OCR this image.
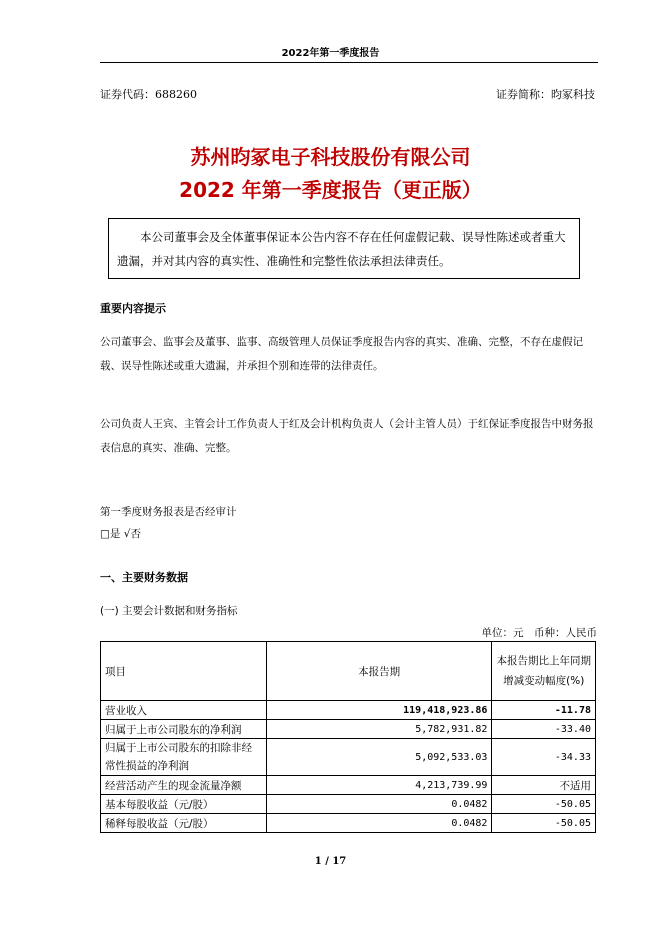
2022年第一季度报告
证券代码：688260	证券简称：昀冢科技
苏州昀冢电子科技股份有限公司
2022 年第一季度报告（更正版）
本公司董事会及全体董事保证本公告内容不存在任何虚假记载、误导性陈述或者重大遗漏，并对其内容的真实性、准确性和完整性依法承担法律责任。
重要内容提示
公司董事会、监事会及董事、监事、高级管理人员保证季度报告内容的真实、准确、完整，不存在虚假记载、误导性陈述或重大遗漏，并承担个别和连带的法律责任。
公司负责人王宾、主管会计工作负责人于红及会计机构负责人（会计主管人员）于红保证季度报告中财务报表信息的真实、准确、完整。
第一季度财务报表是否经审计
□是 √否
一、主要财务数据
(一) 主要会计数据和财务指标
单位：元　币种：人民币
项目	本报告期	本报告期比上年同期增减变动幅度(%)
营业收入	119,418,923.86	-11.78
归属于上市公司股东的净利润	5,782,931.82	-33.40
归属于上市公司股东的扣除非经常性损益的净利润	5,092,533.03	-34.33
经营活动产生的现金流量净额	4,213,739.99	不适用
基本每股收益（元/股）	0.0482	-50.05
稀释每股收益（元/股）	0.0482	-50.05
1 / 17
